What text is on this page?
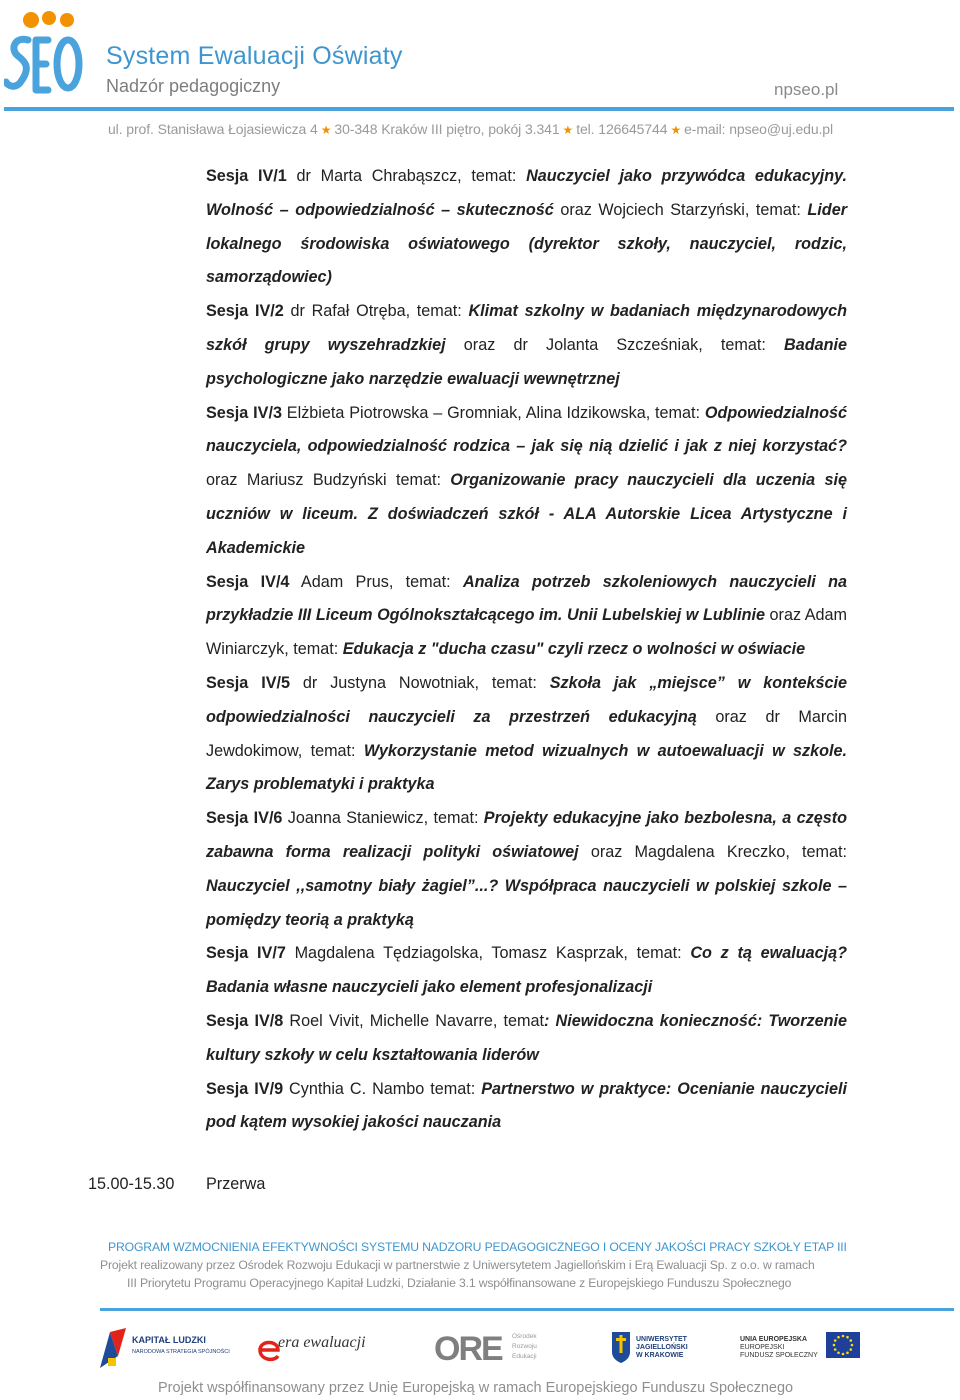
System Ewaluacji Oświaty
Nadzór pedagogiczny	npseo.pl
ul. prof. Stanisława Łojasiewicza 4 ★ 30-348 Kraków III piętro, pokój 3.341 ★ tel. 126645744 ★ e-mail: npseo@uj.edu.pl

Sesja IV/1 dr Marta Chrabąszcz, temat: Nauczyciel jako przywódca edukacyjny. Wolność – odpowiedzialność – skuteczność oraz Wojciech Starzyński, temat: Lider lokalnego środowiska oświatowego (dyrektor szkoły, nauczyciel, rodzic, samorządowiec)

Sesja IV/2 dr Rafał Otręba, temat: Klimat szkolny w badaniach międzynarodowych szkół grupy wyszehradzkiej oraz dr Jolanta Szcześniak, temat: Badanie psychologiczne jako narzędzie ewaluacji wewnętrznej

Sesja IV/3 Elżbieta Piotrowska – Gromniak, Alina Idzikowska, temat: Odpowiedzialność nauczyciela, odpowiedzialność rodzica – jak się nią dzielić i jak z niej korzystać? oraz Mariusz Budzyński temat: Organizowanie pracy nauczycieli dla uczenia się uczniów w liceum. Z doświadczeń szkół - ALA Autorskie Licea Artystyczne i Akademickie

Sesja IV/4 Adam Prus, temat: Analiza potrzeb szkoleniowych nauczycieli na przykładzie III Liceum Ogólnokształcącego im. Unii Lubelskiej w Lublinie oraz Adam Winiarczyk, temat: Edukacja z "ducha czasu" czyli rzecz o wolności w oświacie

Sesja IV/5 dr Justyna Nowotniak, temat: Szkoła jak „miejsce” w kontekście odpowiedzialności nauczycieli za przestrzeń edukacyjną oraz dr Marcin Jewdokimow, temat: Wykorzystanie metod wizualnych w autoewaluacji w szkole. Zarys problematyki i praktyka

Sesja IV/6 Joanna Staniewicz, temat: Projekty edukacyjne jako bezbolesna, a często zabawna forma realizacji polityki oświatowej oraz Magdalena Kreczko, temat: Nauczyciel ,,samotny biały żagiel”...? Współpraca nauczycieli w polskiej szkole – pomiędzy teorią a praktyką

Sesja IV/7 Magdalena Tędziagolska, Tomasz Kasprzak, temat: Co z tą ewaluacją? Badania własne nauczycieli jako element profesjonalizacji

Sesja IV/8 Roel Vivit, Michelle Navarre, temat: Niewidoczna konieczność: Tworzenie kultury szkoły w celu kształtowania liderów

Sesja IV/9 Cynthia C. Nambo temat: Partnerstwo w praktyce: Ocenianie nauczycieli pod kątem wysokiej jakości nauczania

15.00-15.30 Przerwa
PROGRAM WZMOCNIENIA EFEKTYWNOŚCI SYSTEMU NADZORU PEDAGOGICZNEGO I OCENY JAKOŚCI PRACY SZKOŁY ETAP III
Projekt realizowany przez Ośrodek Rozwoju Edukacji w partnerstwie z Uniwersytetem Jagiellońskim i Erą Ewaluacji Sp. z o.o. w ramach
III Priorytetu Programu Operacyjnego Kapitał Ludzki, Działanie 3.1 współfinansowane z Europejskiego Funduszu Społecznego
KAPITAŁ LUDZKI
NARODOWA STRATEGIA SPÓJNOŚCI
era ewaluacji ORE Ośrodek
Rozwoju
Edukacji
UNIWERSYTET
JAGIELLOŃSKI
W KRAKOWIE
UNIA EUROPEJSKA
EUROPEJSKI
FUNDUSZ SPOŁECZNY
Projekt współfinansowany przez Unię Europejską w ramach Europejskiego Funduszu Społecznego
